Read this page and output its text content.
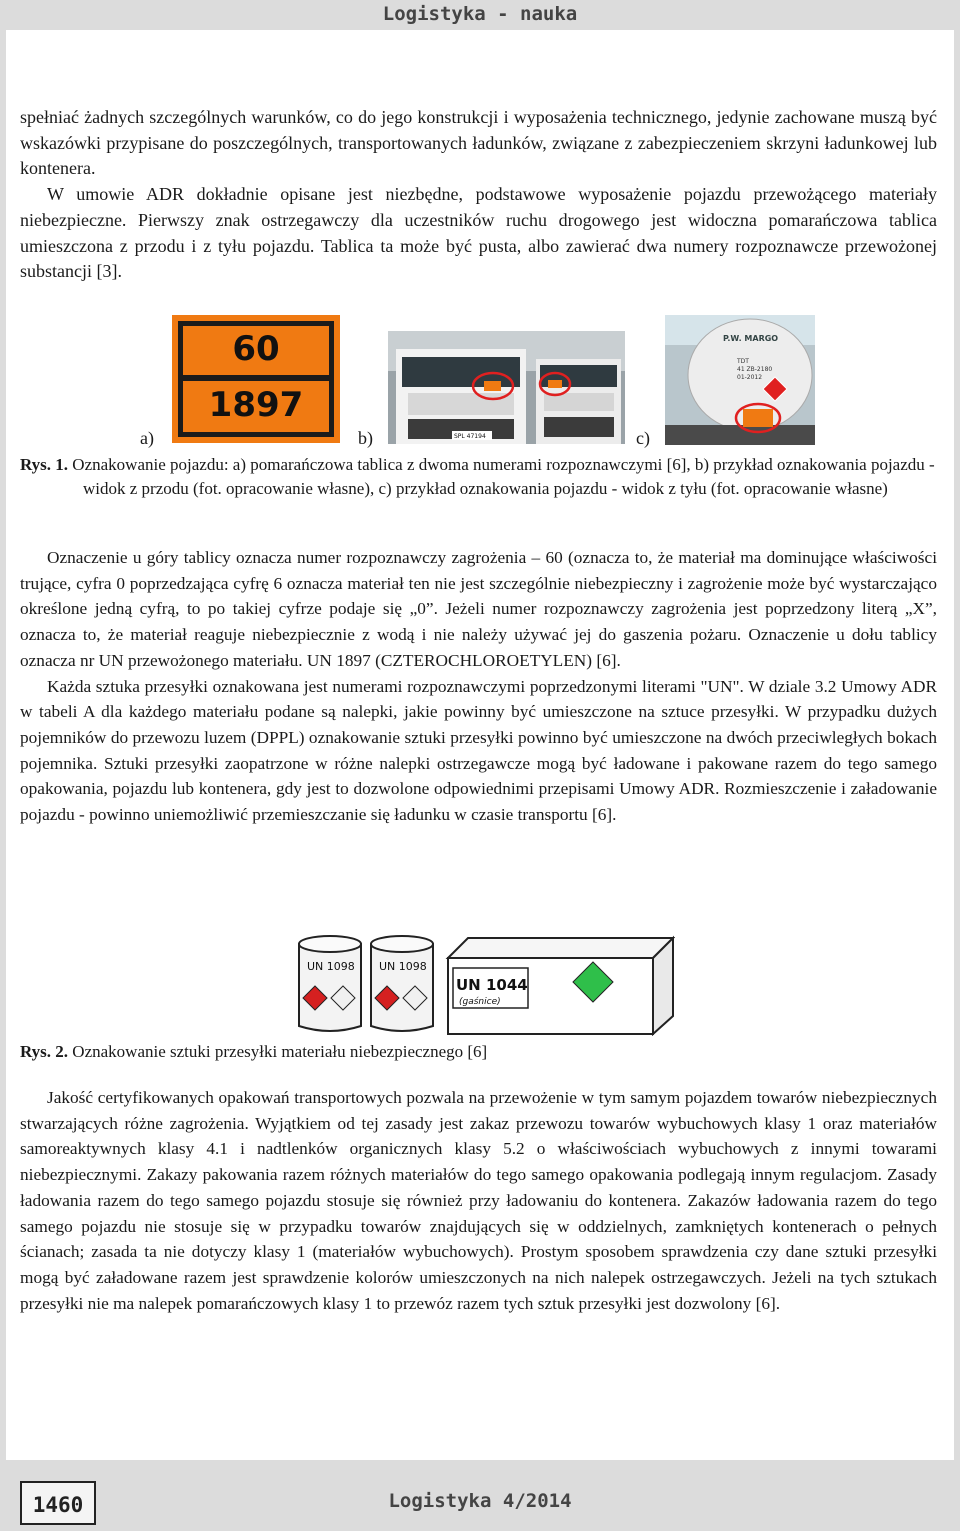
Logistyka - nauka

spełniać żadnych szczególnych warunków, co do jego konstrukcji i wyposażenia technicznego, jedynie zachowane muszą być wskazówki przypisane do poszczególnych, transportowanych ładunków, związane z zabezpieczeniem skrzyni ładunkowej lub kontenera.

W umowie ADR dokładnie opisane jest niezbędne, podstawowe wyposażenie pojazdu przewożącego materiały niebezpieczne. Pierwszy znak ostrzegawczy dla uczestników ruchu drogowego jest widoczna pomarańczowa tablica umieszczona z przodu i z tyłu pojazdu. Tablica ta może być pusta, albo zawierać dwa numery rozpoznawcze przewożonej substancji [3].

60
1897
a)	SPL 47194
b)
P.W. MARGO
TDT
41 ZB-2180
01-2012
c)
Rys. 1. Oznakowanie pojazdu: a) pomarańczowa tablica z dwoma numerami rozpoznawczymi [6], b) przykład oznakowania pojazdu - widok z przodu (fot. opracowanie własne), c) przykład oznakowania pojazdu - widok z tyłu (fot. opracowanie własne)

Oznaczenie u góry tablicy oznacza numer rozpoznawczy zagrożenia – 60 (oznacza to, że materiał ma dominujące właściwości trujące, cyfra 0 poprzedzająca cyfrę 6 oznacza materiał ten nie jest szczególnie niebezpieczny i zagrożenie może być wystarczająco określone jedną cyfrą, to po takiej cyfrze podaje się „0”. Jeżeli numer rozpoznawczy zagrożenia jest poprzedzony literą „X”, oznacza to, że materiał reaguje niebezpiecznie z wodą i nie należy używać jej do gaszenia pożaru. Oznaczenie u dołu tablicy oznacza nr UN przewożonego materiału. UN 1897 (CZTEROCHLOROETYLEN) [6].

Każda sztuka przesyłki oznakowana jest numerami rozpoznawczymi poprzedzonymi literami "UN". W dziale 3.2 Umowy ADR w tabeli A dla każdego materiału podane są nalepki, jakie powinny być umieszczone na sztuce przesyłki. W przypadku dużych pojemników do przewozu luzem (DPPL) oznakowanie sztuki przesyłki powinno być umieszczone na dwóch przeciwległych bokach pojemnika. Sztuki przesyłki zaopatrzone w różne nalepki ostrzegawcze mogą być ładowane i pakowane razem do tego samego opakowania, pojazdu lub kontenera, gdy jest to dozwolone odpowiednimi przepisami Umowy ADR. Rozmieszczenie i załadowanie pojazdu - powinno uniemożliwić przemieszczanie się ładunku w czasie transportu [6].

UN 1098 UN 1098
UN 1044
(gaśnice)
Rys. 2. Oznakowanie sztuki przesyłki materiału niebezpiecznego [6]

Jakość certyfikowanych opakowań transportowych pozwala na przewożenie w tym samym pojazdem towarów niebezpiecznych stwarzających różne zagrożenia. Wyjątkiem od tej zasady jest zakaz przewozu towarów wybuchowych klasy 1 oraz materiałów samoreaktywnych klasy 4.1 i nadtlenków organicznych klasy 5.2 o właściwościach wybuchowych z innymi towarami niebezpiecznymi. Zakazy pakowania razem różnych materiałów do tego samego opakowania podlegają innym regulacjom. Zasady ładowania razem do tego samego pojazdu stosuje się również przy ładowaniu do kontenera. Zakazów ładowania razem do tego samego pojazdu nie stosuje się w przypadku towarów znajdujących się w oddzielnych, zamkniętych kontenerach o pełnych ścianach; zasada ta nie dotyczy klasy 1 (materiałów wybuchowych). Prostym sposobem sprawdzenia czy dane sztuki przesyłki mogą być załadowane razem jest sprawdzenie kolorów umieszczonych na nich nalepek ostrzegawczych. Jeżeli na tych sztukach przesyłki nie ma nalepek pomarańczowych klasy 1 to przewóz razem tych sztuk przesyłki jest dozwolony [6].

1460	Logistyka 4/2014
